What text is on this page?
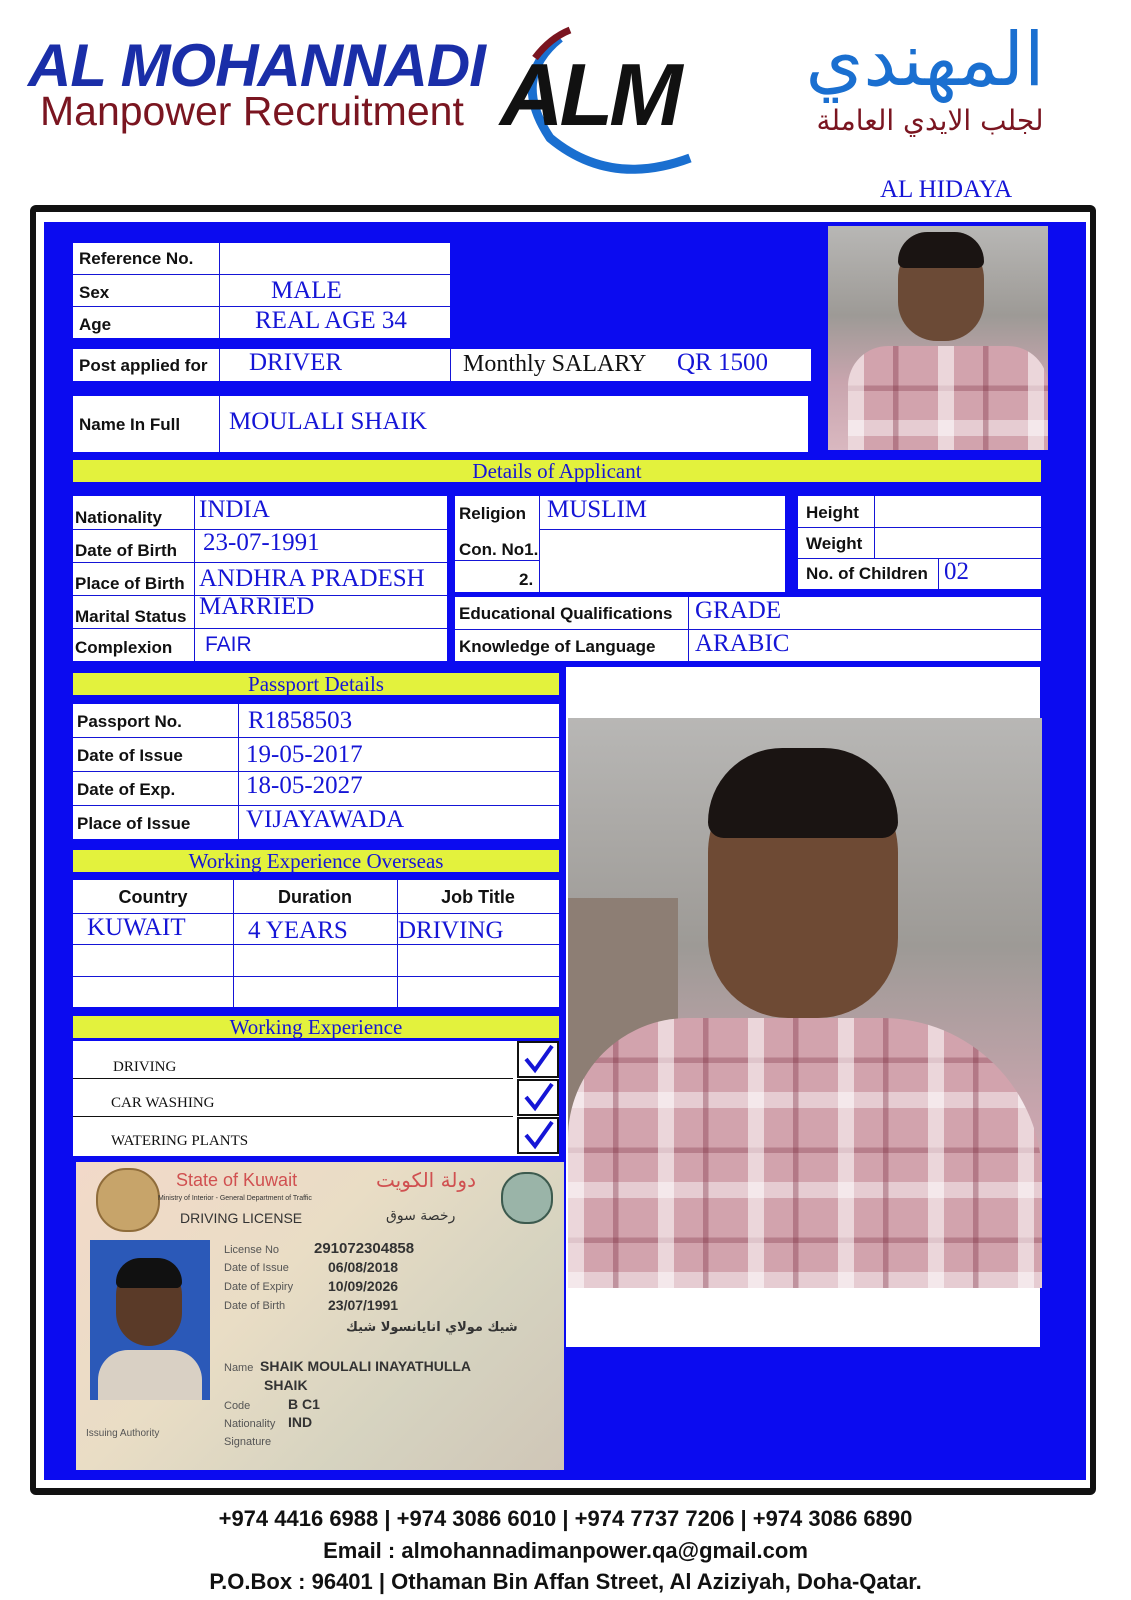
AL MOHANNADI
Manpower Recruitment ALM	المهندي
لجلب الايدي العاملة
AL HIDAYA
Reference No.
Sex	MALE
Age	REAL AGE 34
Post applied for DRIVER	Monthly SALARY QR 1500
Name In Full MOULALI SHAIK
Details of Applicant
Nationality INDIA
Date of Birth 23-07-1991
Place of Birth ANDHRA PRADESH
Marital Status MARRIED
Complexion FAIR
Religion MUSLIM
Con. No1.
2.
Height
Weight
No. of Children 02
Educational Qualifications GRADE
Knowledge of Language ARABIC
Passport Details
Passport No.	R1858503
Date of Issue	19-05-2017
Date of Exp.	18-05-2027
Place of Issue VIJAYAWADA
Working Experience Overseas
Country	Duration	Job Title
KUWAIT 4 YEARS DRIVING
Working Experience
DRIVING
CAR WASHING
WATERING PLANTS
State of Kuwait	دولة الكويت
Ministry of Interior - General Department of Traffic
DRIVING LICENSE	رخصة سوق
License No 291072304858
Date of Issue	06/08/2018
Date of Expiry 10/09/2026
Date of Birth	23/07/1991
شيك مولاي انايانسولا شيك
Name SHAIK MOULALI INAYATHULLA
SHAIK
Code	B C1
Nationality IND
Signature
Issuing Authority
+974 4416 6988 | +974 3086 6010 | +974 7737 7206 | +974 3086 6890
Email : almohannadimanpower.qa@gmail.com
P.O.Box : 96401 | Othaman Bin Affan Street, Al Aziziyah, Doha-Qatar.
